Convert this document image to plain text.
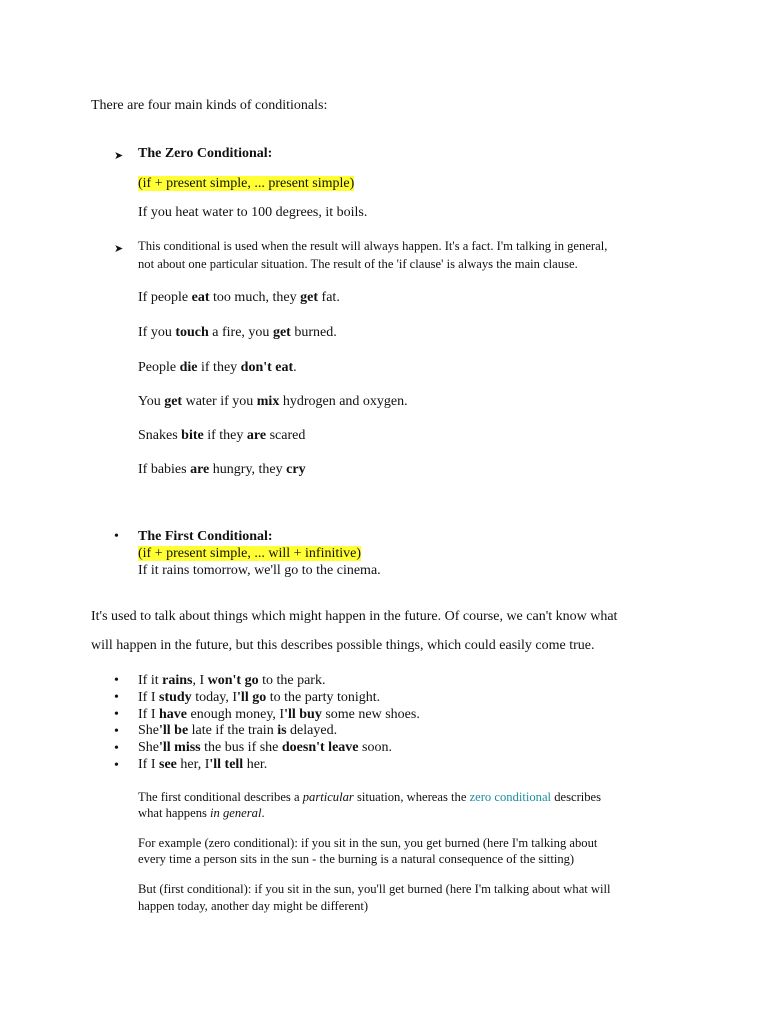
There are four main kinds of conditionals:
➤ The Zero Conditional:
(if + present simple, ... present simple)
If you heat water to 100 degrees, it boils.
➤ This conditional is used when the result will always happen. It's a fact. I'm talking in general,
not about one particular situation. The result of the 'if clause' is always the main clause.
If people eat too much, they get fat.
If you touch a fire, you get burned.
People die if they don't eat.
You get water if you mix hydrogen and oxygen.
Snakes bite if they are scared
If babies are hungry, they cry
• The First Conditional:
(if + present simple, ... will + infinitive)
If it rains tomorrow, we'll go to the cinema.
It's used to talk about things which might happen in the future. Of course, we can't know what
will happen in the future, but this describes possible things, which could easily come true.
• If it rains, I won't go to the park.
• If I study today, I'll go to the party tonight.
• If I have enough money, I'll buy some new shoes.
• She'll be late if the train is delayed.
• She'll miss the bus if she doesn't leave soon.
• If I see her, I'll tell her.
The first conditional describes a particular situation, whereas the zero conditional describes
what happens in general.
For example (zero conditional): if you sit in the sun, you get burned (here I'm talking about
every time a person sits in the sun - the burning is a natural consequence of the sitting)
But (first conditional): if you sit in the sun, you'll get burned (here I'm talking about what will
happen today, another day might be different)
